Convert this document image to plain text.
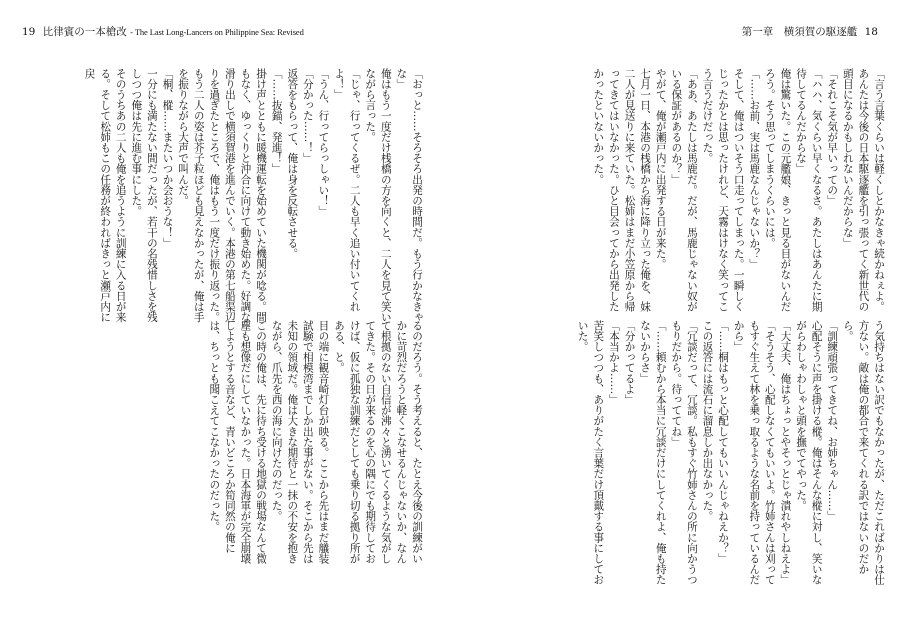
19 比律賓の一本槍改 - The Last Long-Lancers on Philippine Sea: Revised	第一章　横須賀の駆逐艦 18

「言う言葉くらいは軽くしとかなきゃ続かねぇよ。あんたは今後の日本駆逐艦を引っ張ってく新世代の頭目になるかもしれないんだからな」

「それこそ気が早いっての」

「ハハ、気くらい早くなるさ。あたしはあんたに期待してるんだからな」

俺は驚いた。この元艦娘、きっと見る目がないんだろう。そう思ってしまうくらいには。

「……お前、実は馬鹿なんじゃないか？」

そして、俺はついそう口走ってしまった。一瞬しくじったかとは思ったけれど、天霧はけなく笑ってこう言うだけだった。

「ああ、あたしは馬鹿だ。だが、馬鹿じゃない奴がいる保証があるのか？」

やがて、俺が瀬戸内に出発する日が来た。

七月一日、本港の桟橋から海に降り立った俺を、妹二人が見送りに来ていた。松姉はまだ小笠原から帰ってきてはいなかった。ひと目会ってから出発したかったといないかった。

う気持ちはない訳でもなかったが、ただこればかりは仕方ない。敵は俺の都合で来てくれる訳ではないのだから。

「訓練頑張ってきてね、お姉ちゃん……」

心配そうに声を掛ける樅。俺はそんな樅に対し、笑いながらわしゃわしゃと頭を撫でてやった。

「大丈夫、俺はちょっとやそっとじゃ潰れやしねえよ」

「そうそう、心配しなくてもいいよ。竹姉さんは刈ってもすぐ生えて林を乗っ取るような名前を持っているんだから」

「……桐はもっと心配してもいいんじゃねえか？」

この返答には流石に溜息しか出なかった。

「冗談だって、冗談。私もすぐ竹姉さんの所に向かうつもりだから。待っててね」

「……頼むから本当に冗談だけにしてくれよ、俺も持たないからさ」

「分かってるよ」

「本当かよ……」

苦笑しつつも、ありがたく言葉だけ頂戴する事にしておいた。

「おっと……そろそろ出発の時間だ。もう行かなきゃな」

俺はもう一度だけ桟橋の方を向くと、二人を見て笑いながら言った。

「じゃ、行ってくるぜ。二人も早く追い付いてくれよ！」

「うん、行ってらっしゃい！」

「分かった……！」

返答をもらって、俺は身を反転させる。

「……抜錨、発進！」

掛け声とともに暖機運転を始めていた機関が唸る。間もなく、ゆっくりと沖合に向けて動き始めた。好調な滑り出しで横須賀港を進んでいく。本港の第七船渠辺りを過ぎたところで、俺はもう一度だけ振り返った。もう二人の姿は芥子粒ほども見えなかったが、俺は手を振りながら大声で叫んだ。

「桐、樅……またいつか会おうな！」

一分にも満たない間だったが、若干の名残惜しさを残しつつ俺は先に進む事にした。

そのうちあの二人も俺を追うように訓練に入る日が来る。そして松姉もこの任務が終わればきっと瀬戸内に戻

るのだろう。そう考えると、たとえ今後の訓練がいかに苛烈だろうと軽くこなせるんじゃないか、なんて根拠のない自信が沸々と湧いてくるような気がしてきた。その日が来るのを心の隅にでも期待しておけば、仮に孤独な訓練だとしても乗り切る拠り所がある、と。

目の端に観音崎灯台が映る。ここから先はまだ艤装試験で相模湾までしか出た事がない。そこから先は未知の領域だ。俺は大きな期待と一抹の不安を抱きながら、爪先を西の海に向けたのだった。

この時の俺は、先に待ち受ける地獄の戦場なんて微塵も想像だにしていなかった。日本海軍が完全崩壊しようとする音など、青いどころか筍同然の俺には、ちっとも聞こえてこなかったのだった。
